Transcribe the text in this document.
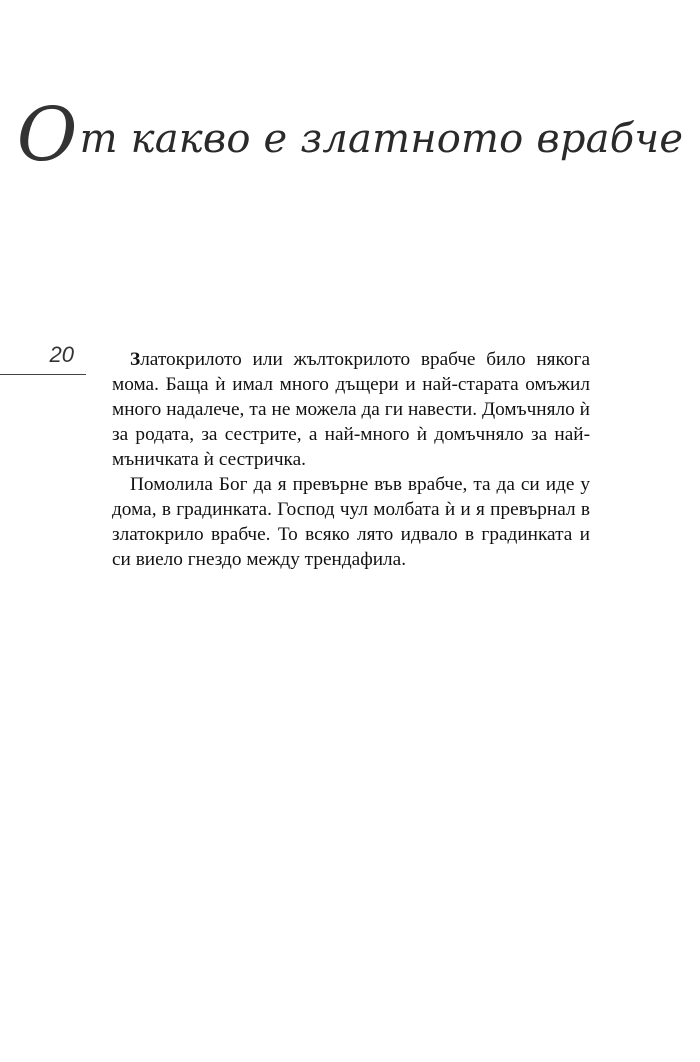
От какво е златното врабче
20	Златокрилото или жълтокрилото врабче било някога мома. Баща ѝ имал много дъщери и най-старата омъжил много надалече, та не можела да ги навести. Домъчняло ѝ за родата, за сестрите, а най-много ѝ домъчняло за най-мъничката ѝ сестричка.

Помолила Бог да я превърне във врабче, та да си иде у дома, в градинката. Господ чул молбата ѝ и я превърнал в златокрило врабче. То всяко лято идвало в градинката и си виело гнездо между трендафила.
